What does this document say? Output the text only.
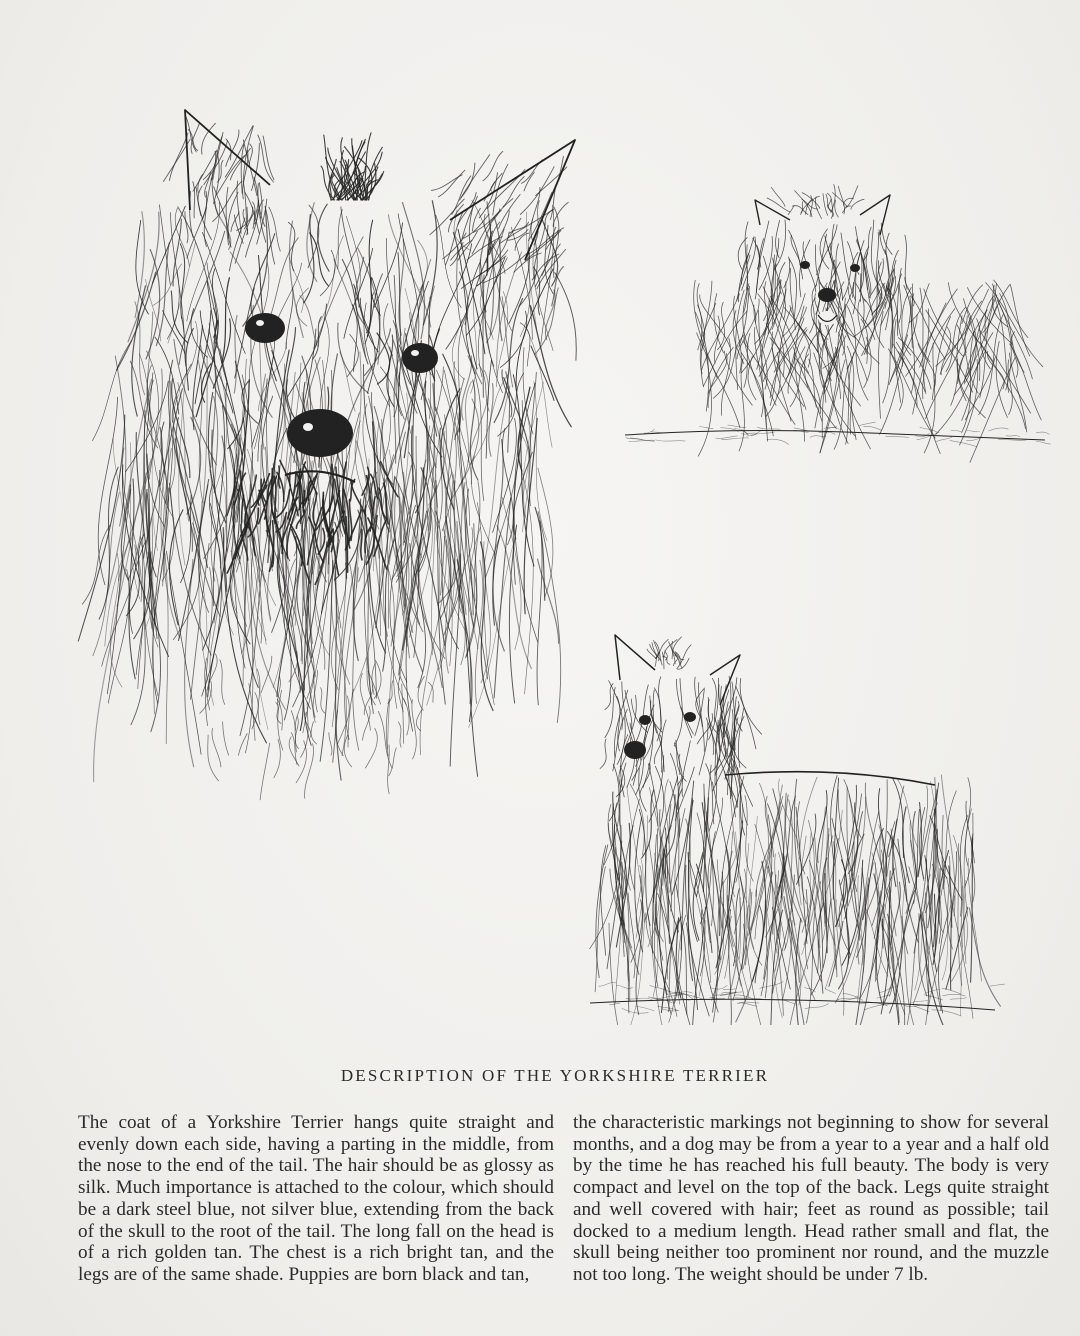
DESCRIPTION OF THE YORKSHIRE TERRIER

The coat of a Yorkshire Terrier hangs quite straight and evenly down each side, having a parting in the middle, from the nose to the end of the tail. The hair should be as glossy as silk. Much importance is attached to the colour, which should be a dark steel blue, not silver blue, extending from the back of the skull to the root of the tail. The long fall on the head is of a rich golden tan. The chest is a rich bright tan, and the legs are of the same shade. Puppies are born black and tan,

the characteristic markings not beginning to show for several months, and a dog may be from a year to a year and a half old by the time he has reached his full beauty. The body is very compact and level on the top of the back. Legs quite straight and well covered with hair; feet as round as possible; tail docked to a medium length. Head rather small and flat, the skull being neither too prominent nor round, and the muzzle not too long. The weight should be under 7 lb.
